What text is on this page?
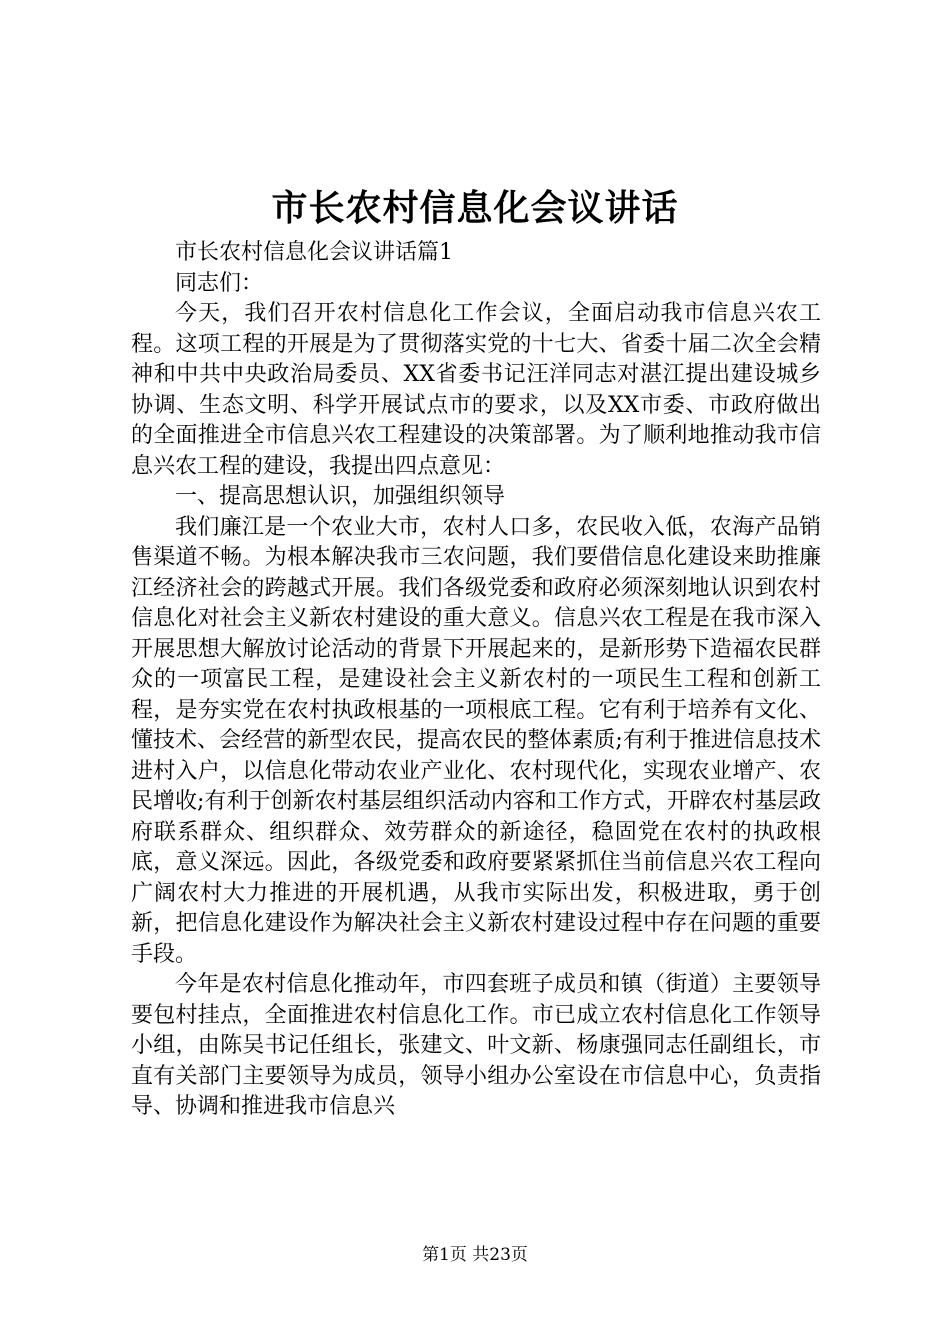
市长农村信息化会议讲话

市长农村信息化会议讲话篇1

同志们：

今天，我们召开农村信息化工作会议，全面启动我市信息兴农工程。这项工程的开展是为了贯彻落实党的十七大、省委十届二次全会精神和中共中央政治局委员、XX省委书记汪洋同志对湛江提出建设城乡协调、生态文明、科学开展试点市的要求，以及XX市委、市政府做出的全面推进全市信息兴农工程建设的决策部署。为了顺利地推动我市信息兴农工程的建设，我提出四点意见：

一、提高思想认识，加强组织领导

我们廉江是一个农业大市，农村人口多，农民收入低，农海产品销售渠道不畅。为根本解决我市三农问题，我们要借信息化建设来助推廉江经济社会的跨越式开展。我们各级党委和政府必须深刻地认识到农村信息化对社会主义新农村建设的重大意义。信息兴农工程是在我市深入开展思想大解放讨论活动的背景下开展起来的，是新形势下造福农民群众的一项富民工程，是建设社会主义新农村的一项民生工程和创新工程，是夯实党在农村执政根基的一项根底工程。它有利于培养有文化、懂技术、会经营的新型农民，提高农民的整体素质;有利于推进信息技术进村入户，以信息化带动农业产业化、农村现代化，实现农业增产、农民增收;有利于创新农村基层组织活动内容和工作方式，开辟农村基层政府联系群众、组织群众、效劳群众的新途径，稳固党在农村的执政根底，意义深远。因此，各级党委和政府要紧紧抓住当前信息兴农工程向广阔农村大力推进的开展机遇，从我市实际出发，积极进取，勇于创新，把信息化建设作为解决社会主义新农村建设过程中存在问题的重要手段。

今年是农村信息化推动年，市四套班子成员和镇（街道）主要领导要包村挂点，全面推进农村信息化工作。市已成立农村信息化工作领导小组，由陈吴书记任组长，张建文、叶文新、杨康强同志任副组长，市直有关部门主要领导为成员，领导小组办公室设在市信息中心，负责指导、协调和推进我市信息兴

第1页 共23页
